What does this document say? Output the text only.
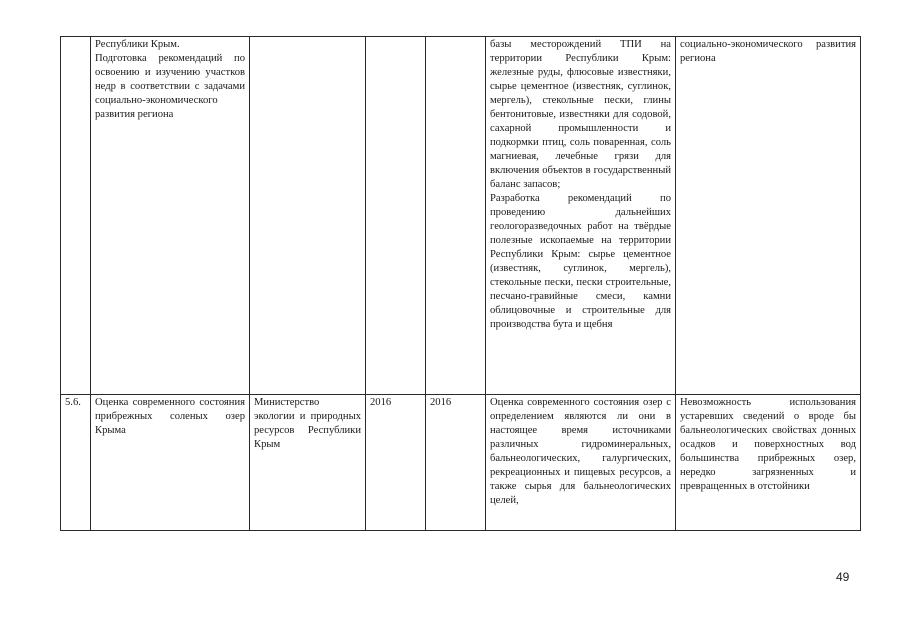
	Республики Крым.
Подготовка рекомендаций по освоению и изучению участков недр в соответствии с задачами социально-экономического развития региона				базы месторождений ТПИ на территории Республики Крым: железные руды, флюсовые известняки, сырье цементное (известняк, суглинок, мергель), стекольные пески, глины бентонитовые, известняки для содовой, сахарной промышленности и подкормки птиц, соль поваренная, соль магниевая, лечебные грязи для включения объектов в государственный баланс запасов;
Разработка рекомендаций по проведению дальнейших геологоразведочных работ на твёрдые полезные ископаемые на территории Республики Крым: сырье цементное (известняк, суглинок, мергель), стекольные пески, пески строительные, песчано-гравийные смеси, камни облицовочные и строительные для производства бута и щебня	социально-экономического развития региона

5.6.	Оценка современного состояния прибрежных соленых озер Крыма	Министерство экологии и природных ресурсов Республики Крым	2016	2016	Оценка современного состояния озер с определением являются ли они в настоящее время источниками различных гидроминеральных, бальнеологических, галургических, рекреационных и пищевых ресурсов, а также сырья для бальнеологических целей,	Невозможность использования устаревших сведений о вроде бы бальнеологических свойствах донных осадков и поверхностных вод большинства прибрежных озер, нередко загрязненных и превращенных в отстойники
49
